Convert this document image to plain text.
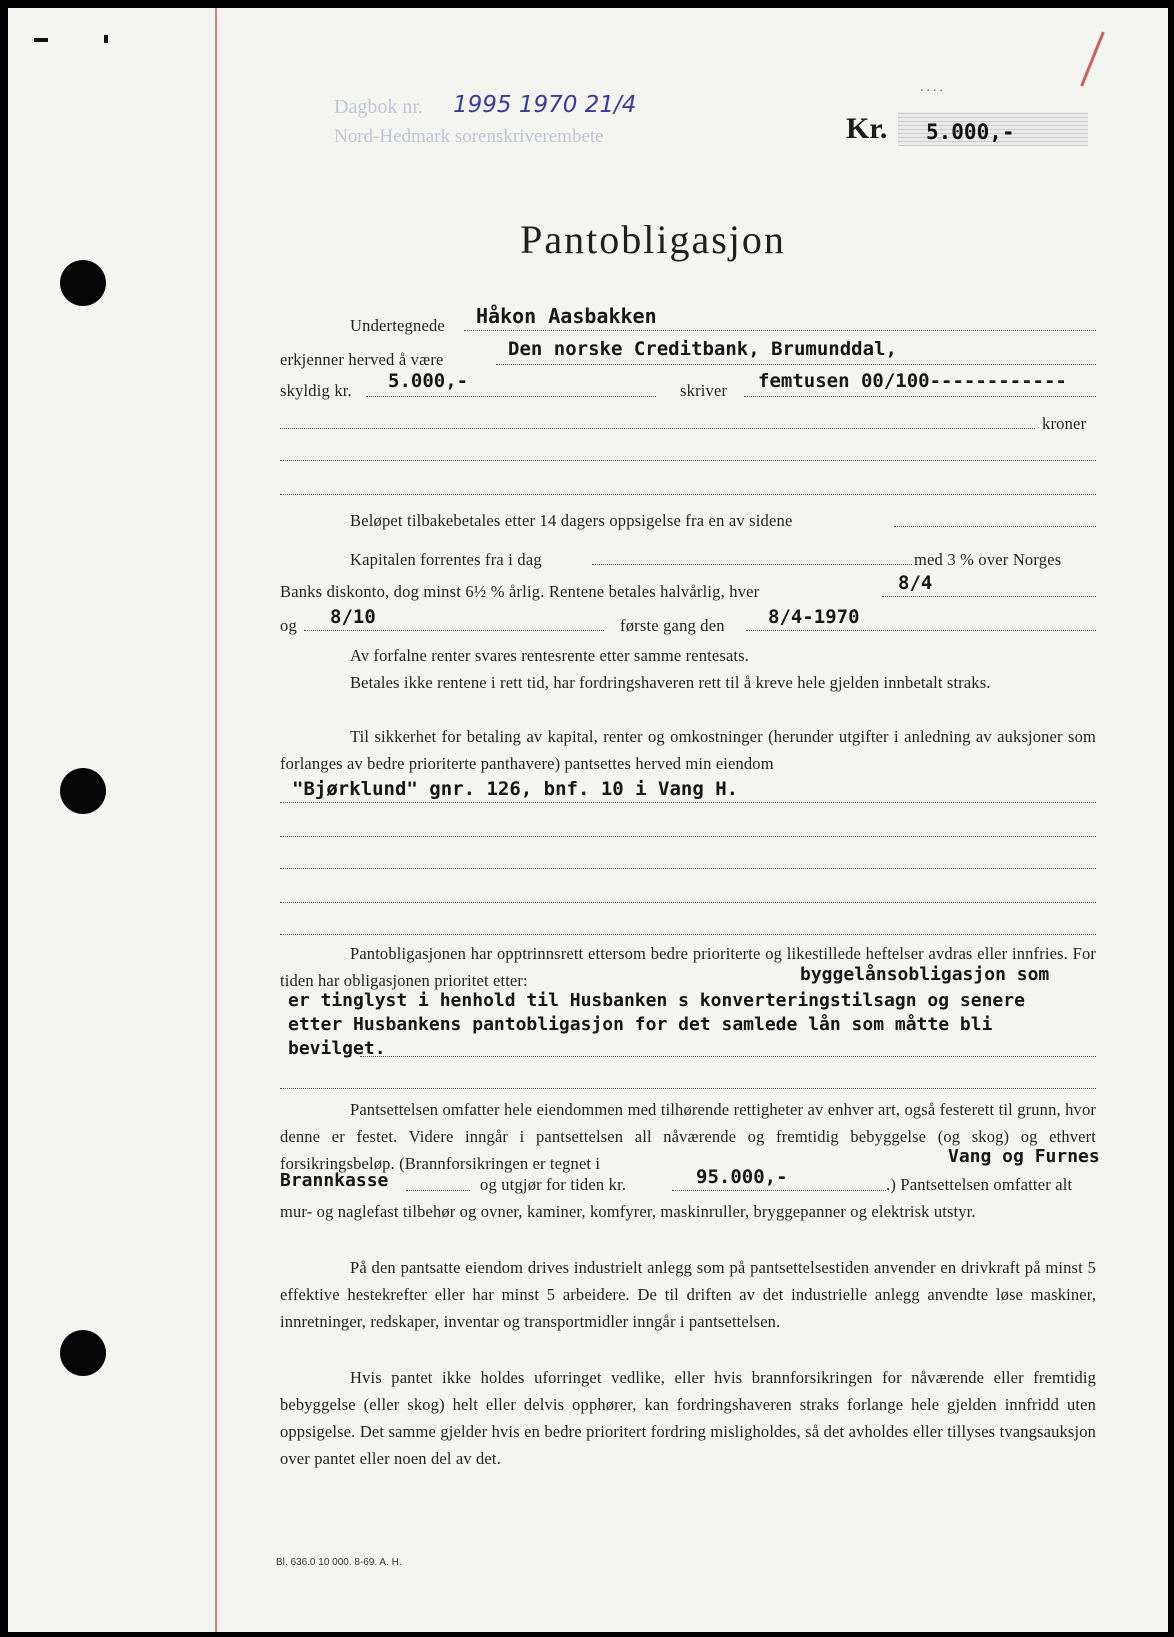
Dagbok nr.
Nord-Hedmark sorenskriverembete
1995 1970 21/4
....
Kr. 5.000,-
Pantobligasjon
Undertegnede Håkon Aasbakken
erkjenner herved å være	Den norske Creditbank, Brumunddal,
skyldig kr. 5.000,-	skriver femtusen 00/100------------
kroner
Beløpet tilbakebetales etter 14 dagers oppsigelse fra en av sidene
Kapitalen forrentes fra i dag	med 3 % over Norges
Banks diskonto, dog minst 6½ % årlig. Rentene betales halvårlig, hver	8/4
og 8/10	første gang den 8/4-1970
Av forfalne renter svares rentesrente etter samme rentesats.
Betales ikke rentene i rett tid, har fordringshaveren rett til å kreve hele gjelden innbetalt straks.
Til sikkerhet for betaling av kapital, renter og omkostninger (herunder utgifter i anledning av auksjoner som forlanges av bedre prioriterte panthavere) pantsettes herved min eiendom
"Bjørklund" gnr. 126, bnf. 10 i Vang H.
Pantobligasjonen har opptrinnsrett ettersom bedre prioriterte og likestillede heftelser avdras eller innfries. For tiden har obligasjonen prioritet etter:	byggelånsobligasjon som
er tinglyst i henhold til Husbanken s konverteringstilsagn og senere
etter Husbankens pantobligasjon for det samlede lån som måtte bli
bevilget.
Pantsettelsen omfatter hele eiendommen med tilhørende rettigheter av enhver art, også festerett til grunn, hvor denne er festet. Videre inngår i pantsettelsen all nåværende og fremtidig bebyggelse (og skog) og ethvert forsikringsbeløp. (Brannforsikringen er tegnet i	Vang og Furnes
Brannkasse	og utgjør for tiden kr.	95.000,-	.) Pantsettelsen omfatter alt
mur- og naglefast tilbehør og ovner, kaminer, komfyrer, maskinruller, bryggepanner og elektrisk utstyr.
På den pantsatte eiendom drives industrielt anlegg som på pantsettelsestiden anvender en drivkraft på minst 5 effektive hestekrefter eller har minst 5 arbeidere. De til driften av det industrielle anlegg anvendte løse maskiner, innretninger, redskaper, inventar og transportmidler inngår i pantsettelsen.
Hvis pantet ikke holdes uforringet vedlike, eller hvis brannforsikringen for nåværende eller fremtidig bebyggelse (eller skog) helt eller delvis opphører, kan fordringshaveren straks forlange hele gjelden innfridd uten oppsigelse. Det samme gjelder hvis en bedre prioritert fordring misligholdes, så det avholdes eller tillyses tvangsauksjon over pantet eller noen del av det.
Bl. 636.0 10 000. 8-69. A. H.
